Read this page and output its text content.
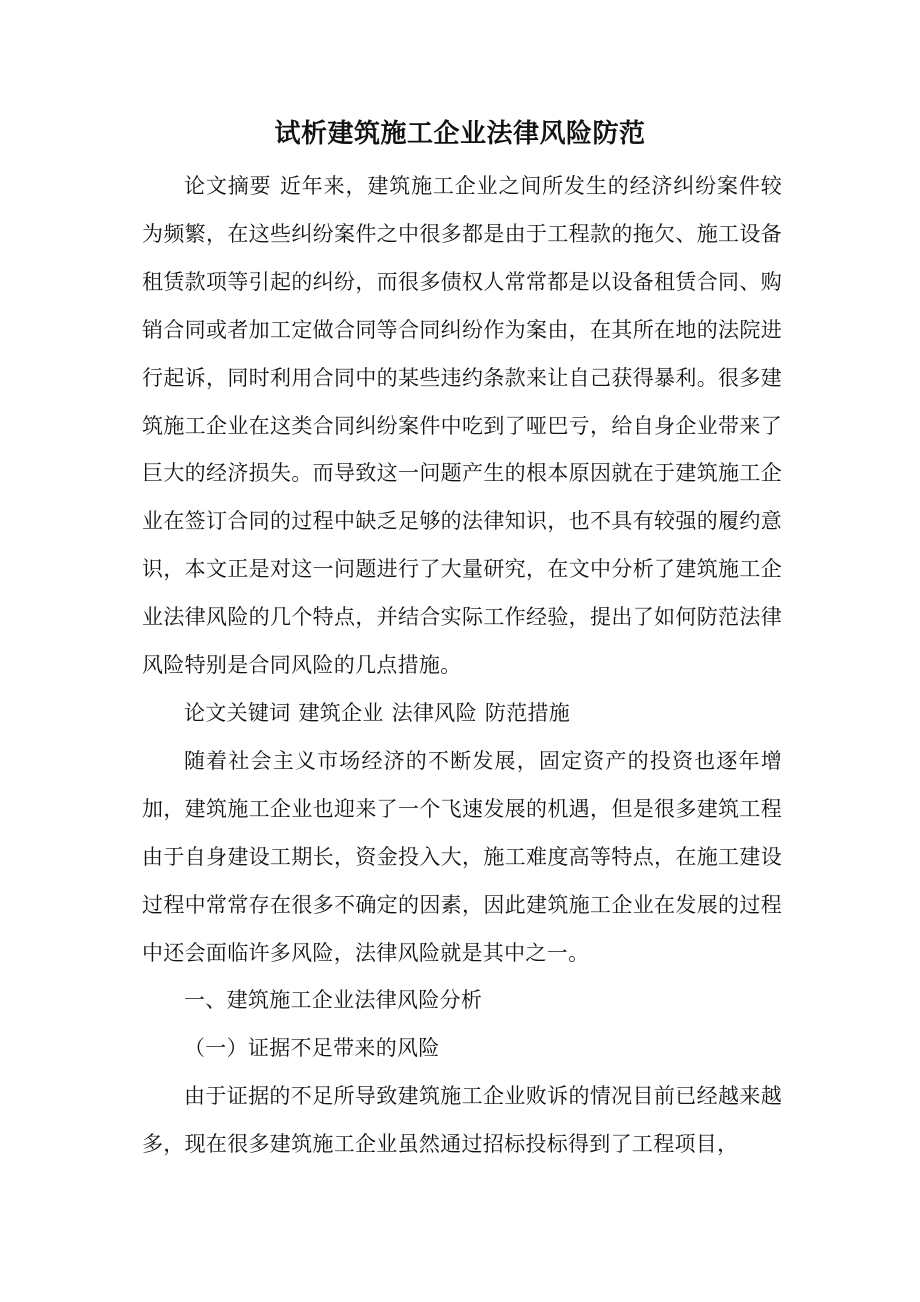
试析建筑施工企业法律风险防范

论文摘要 近年来，建筑施工企业之间所发生的经济纠纷案件较为频繁，在这些纠纷案件之中很多都是由于工程款的拖欠、施工设备租赁款项等引起的纠纷，而很多债权人常常都是以设备租赁合同、购销合同或者加工定做合同等合同纠纷作为案由，在其所在地的法院进行起诉，同时利用合同中的某些违约条款来让自己获得暴利。很多建筑施工企业在这类合同纠纷案件中吃到了哑巴亏，给自身企业带来了巨大的经济损失。而导致这一问题产生的根本原因就在于建筑施工企业在签订合同的过程中缺乏足够的法律知识，也不具有较强的履约意识，本文正是对这一问题进行了大量研究，在文中分析了建筑施工企业法律风险的几个特点，并结合实际工作经验，提出了如何防范法律风险特别是合同风险的几点措施。

论文关键词 建筑企业 法律风险 防范措施

随着社会主义市场经济的不断发展，固定资产的投资也逐年增加，建筑施工企业也迎来了一个飞速发展的机遇，但是很多建筑工程由于自身建设工期长，资金投入大，施工难度高等特点，在施工建设过程中常常存在很多不确定的因素，因此建筑施工企业在发展的过程中还会面临许多风险，法律风险就是其中之一。

一、建筑施工企业法律风险分析

（一）证据不足带来的风险

由于证据的不足所导致建筑施工企业败诉的情况目前已经越来越多，现在很多建筑施工企业虽然通过招标投标得到了工程项目，
